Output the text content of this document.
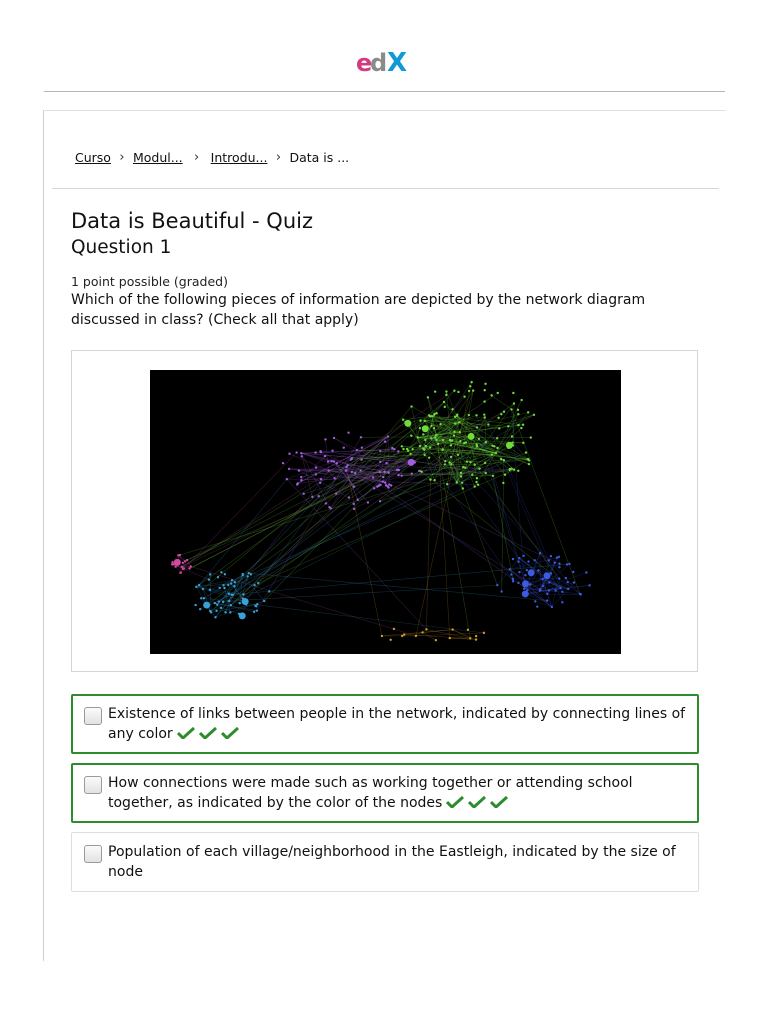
e
d X
Curso › Modul... › Introdu... › Data is ...
Data is Beautiful - Quiz
Question 1
1 point possible (graded)
Which of the following pieces of information are depicted by the network diagram discussed in class? (Check all that apply)
Existence of links between people in the network, indicated by connecting lines of any color
How connections were made such as working together or attending school together, as indicated by the color of the nodes
Population of each village/neighborhood in the Eastleigh, indicated by the size of node
